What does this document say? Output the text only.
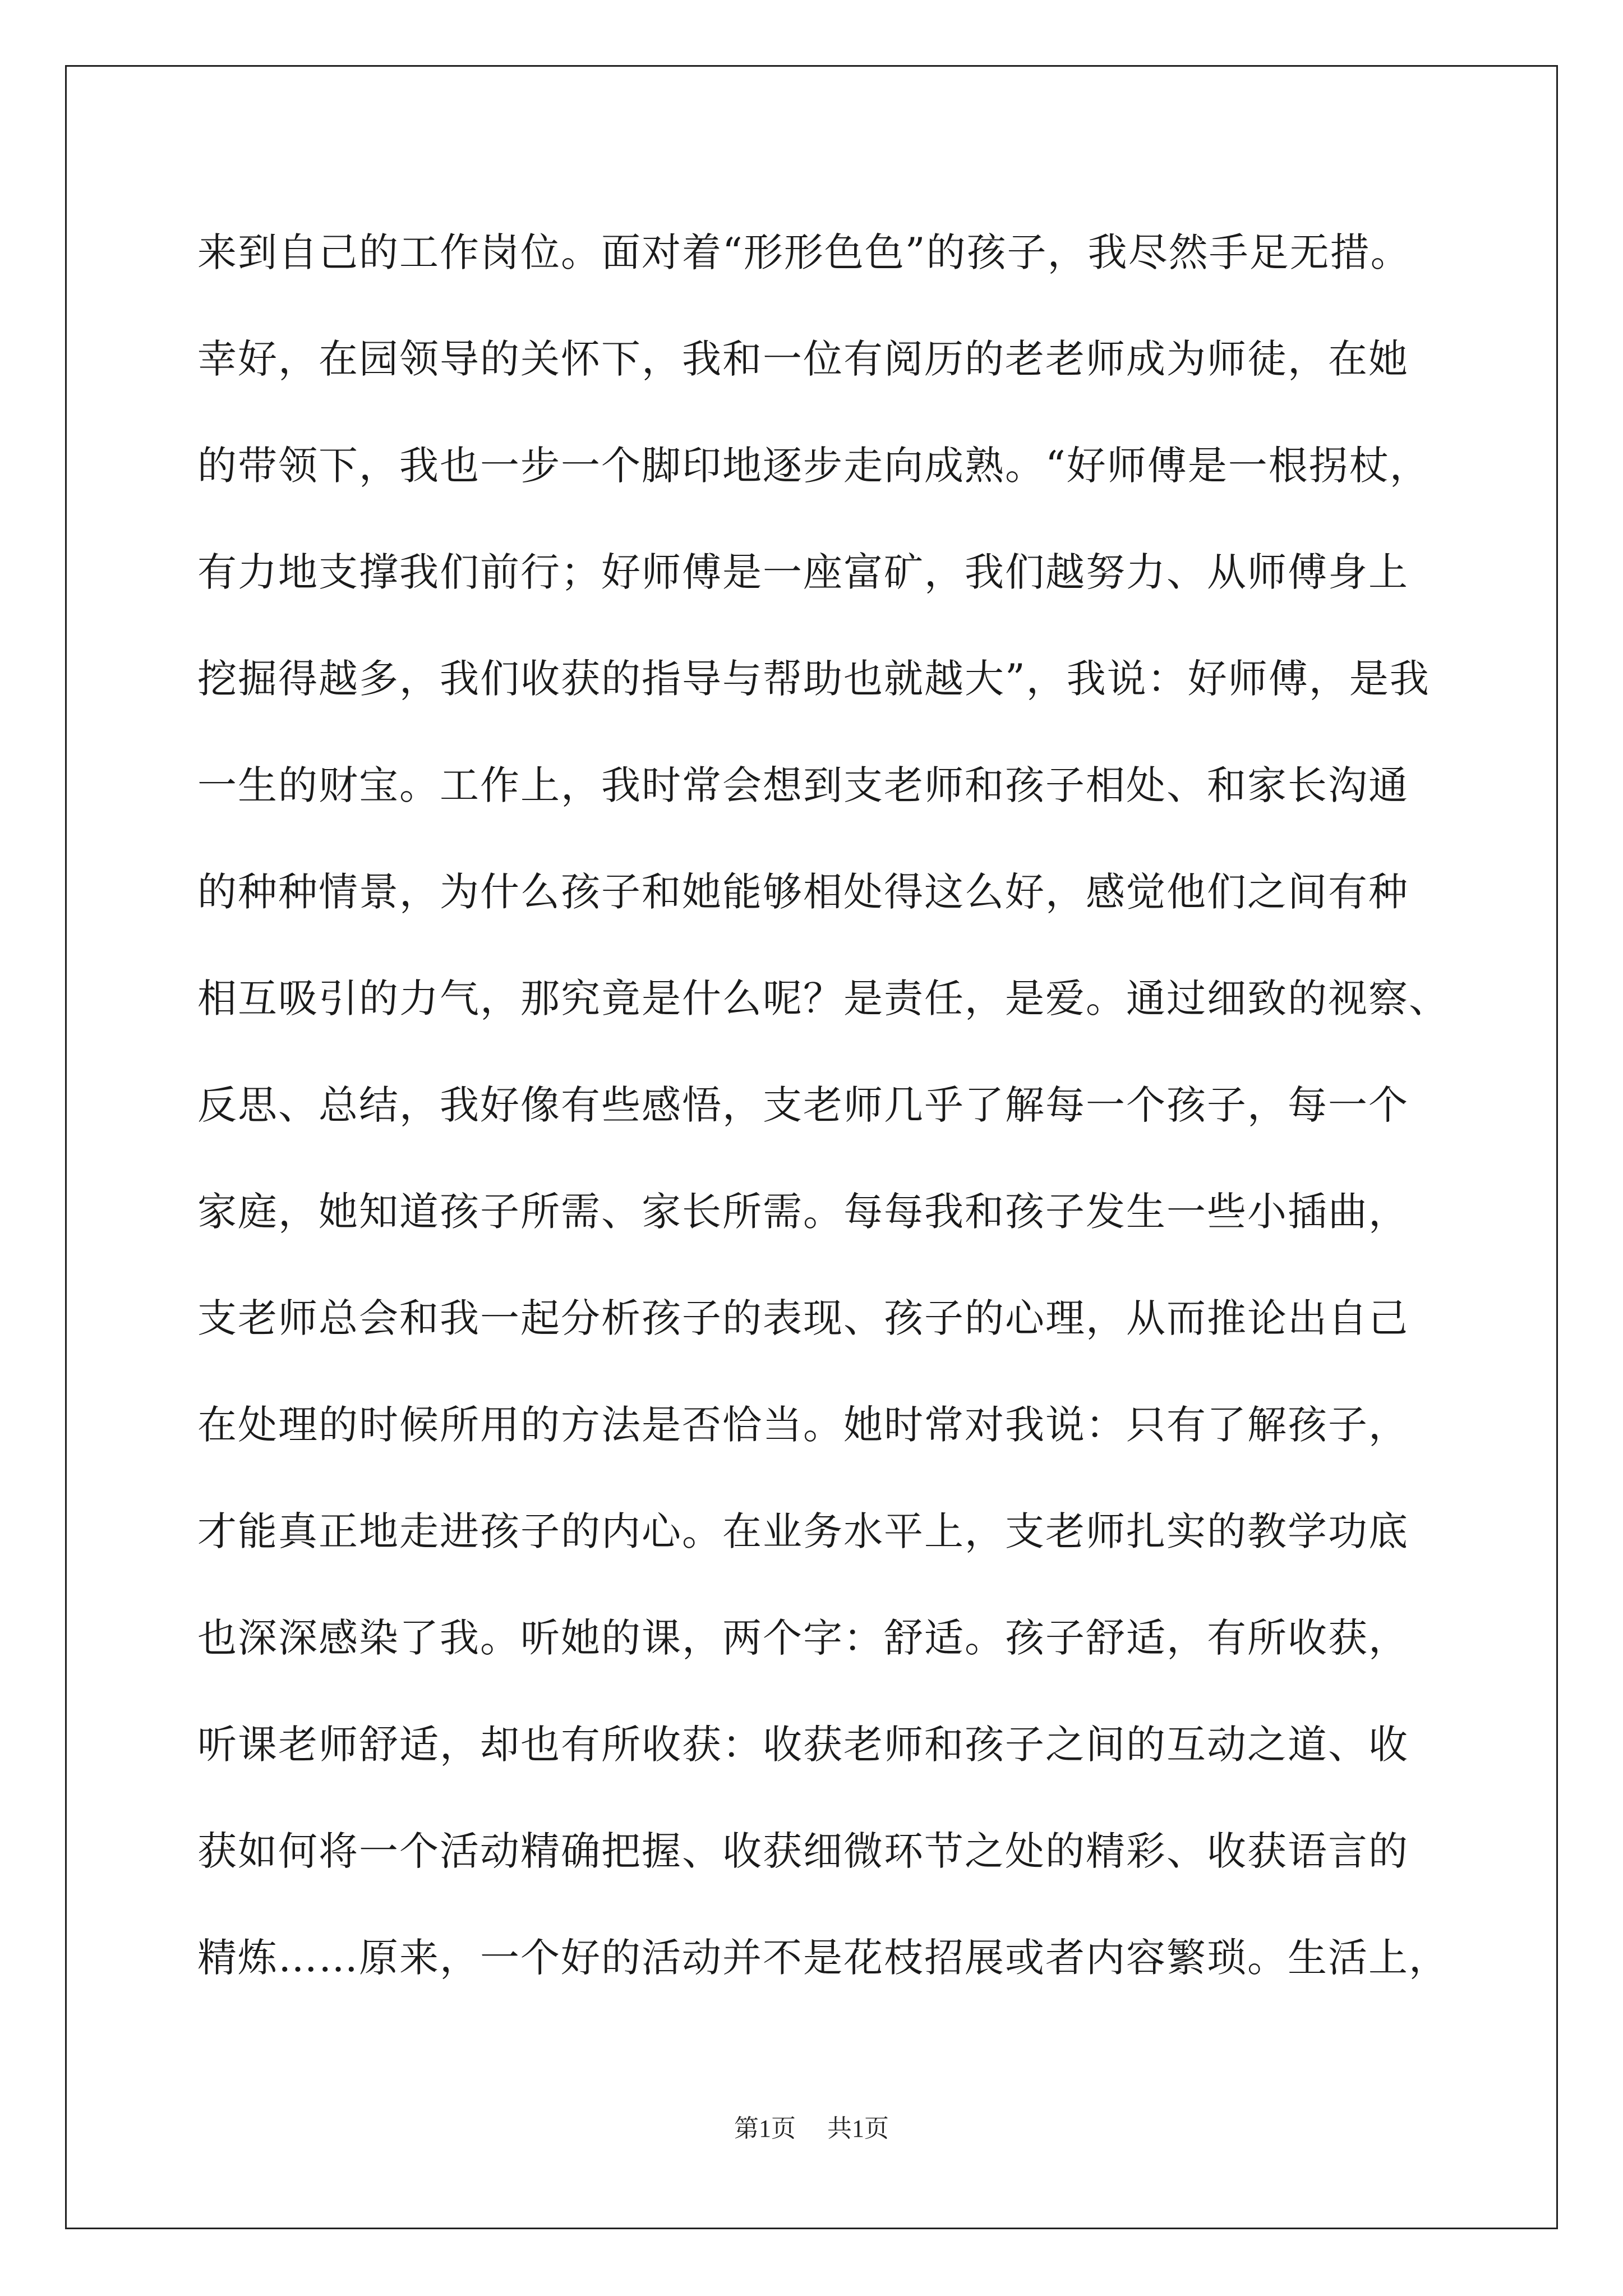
来到自己的工作岗位。面对着“形形色色”的孩子，我尽然手足无措。
幸好，在园领导的关怀下，我和一位有阅历的老老师成为师徒，在她
的带领下，我也一步一个脚印地逐步走向成熟。“好师傅是一根拐杖，
有力地支撑我们前行；好师傅是一座富矿，我们越努力、从师傅身上
挖掘得越多，我们收获的指导与帮助也就越大”，我说：好师傅，是我
一生的财宝。工作上，我时常会想到支老师和孩子相处、和家长沟通
的种种情景，为什么孩子和她能够相处得这么好，感觉他们之间有种
相互吸引的力气，那究竟是什么呢？是责任，是爱。通过细致的视察、
反思、总结，我好像有些感悟，支老师几乎了解每一个孩子，每一个
家庭，她知道孩子所需、家长所需。每每我和孩子发生一些小插曲，
支老师总会和我一起分析孩子的表现、孩子的心理，从而推论出自己
在处理的时候所用的方法是否恰当。她时常对我说：只有了解孩子，
才能真正地走进孩子的内心。在业务水平上，支老师扎实的教学功底
也深深感染了我。听她的课，两个字：舒适。孩子舒适，有所收获，
听课老师舒适，却也有所收获：收获老师和孩子之间的互动之道、收
获如何将一个活动精确把握、收获细微环节之处的精彩、收获语言的
精炼……原来，一个好的活动并不是花枝招展或者内容繁琐。生活上，
第1页 共1页
